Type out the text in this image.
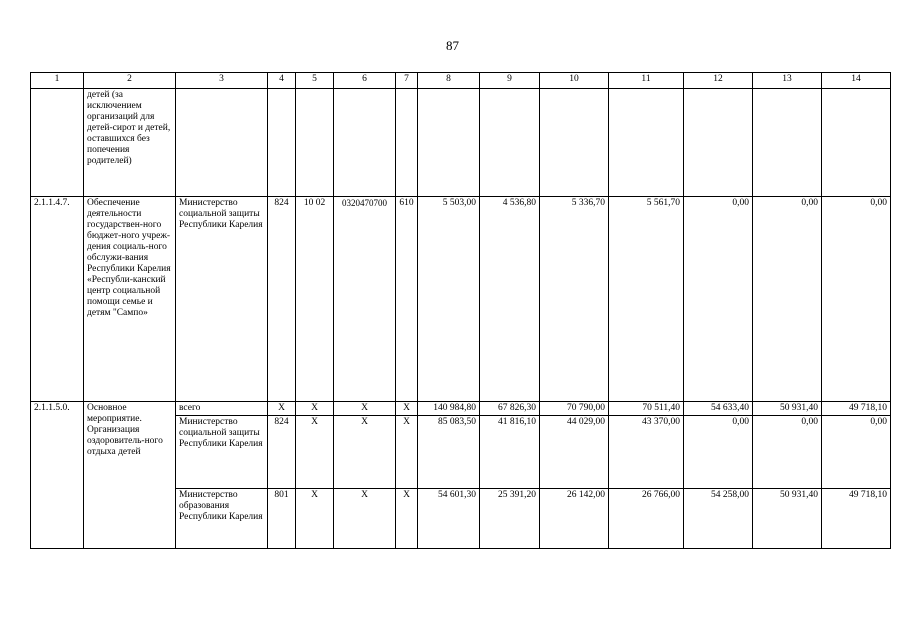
87
1	2	3	4	5	6	7	8	9	10	11	12	13	14
	детей (за исключением организаций для детей-сирот и детей, оставшихся без попечения родителей)												
2.1.1.4.7.	Обеспечение деятельности государствен-ного бюджет-ного учреж-дения социаль-ного обслужи-вания Республики Карелия «Республи-канский центр социальной помощи семье и детям "Сампо»	Министерство социальной защиты Республики Карелия	824	10 02	0320470700	610	5 503,00	4 536,80	5 336,70	5 561,70	0,00	0,00	0,00
2.1.1.5.0.	Основное мероприятие. Организация оздоровитель-ного отдыха детей	всего	X	X	X	X	140 984,80	67 826,30	70 790,00	70 511,40	54 633,40	50 931,40	49 718,10
		Министерство социальной защиты Республики Карелия	824	X	X	X	85 083,50	41 816,10	44 029,00	43 370,00	0,00	0,00	0,00
		Министерство образования Республики Карелия	801	X	X	X	54 601,30	25 391,20	26 142,00	26 766,00	54 258,00	50 931,40	49 718,10
